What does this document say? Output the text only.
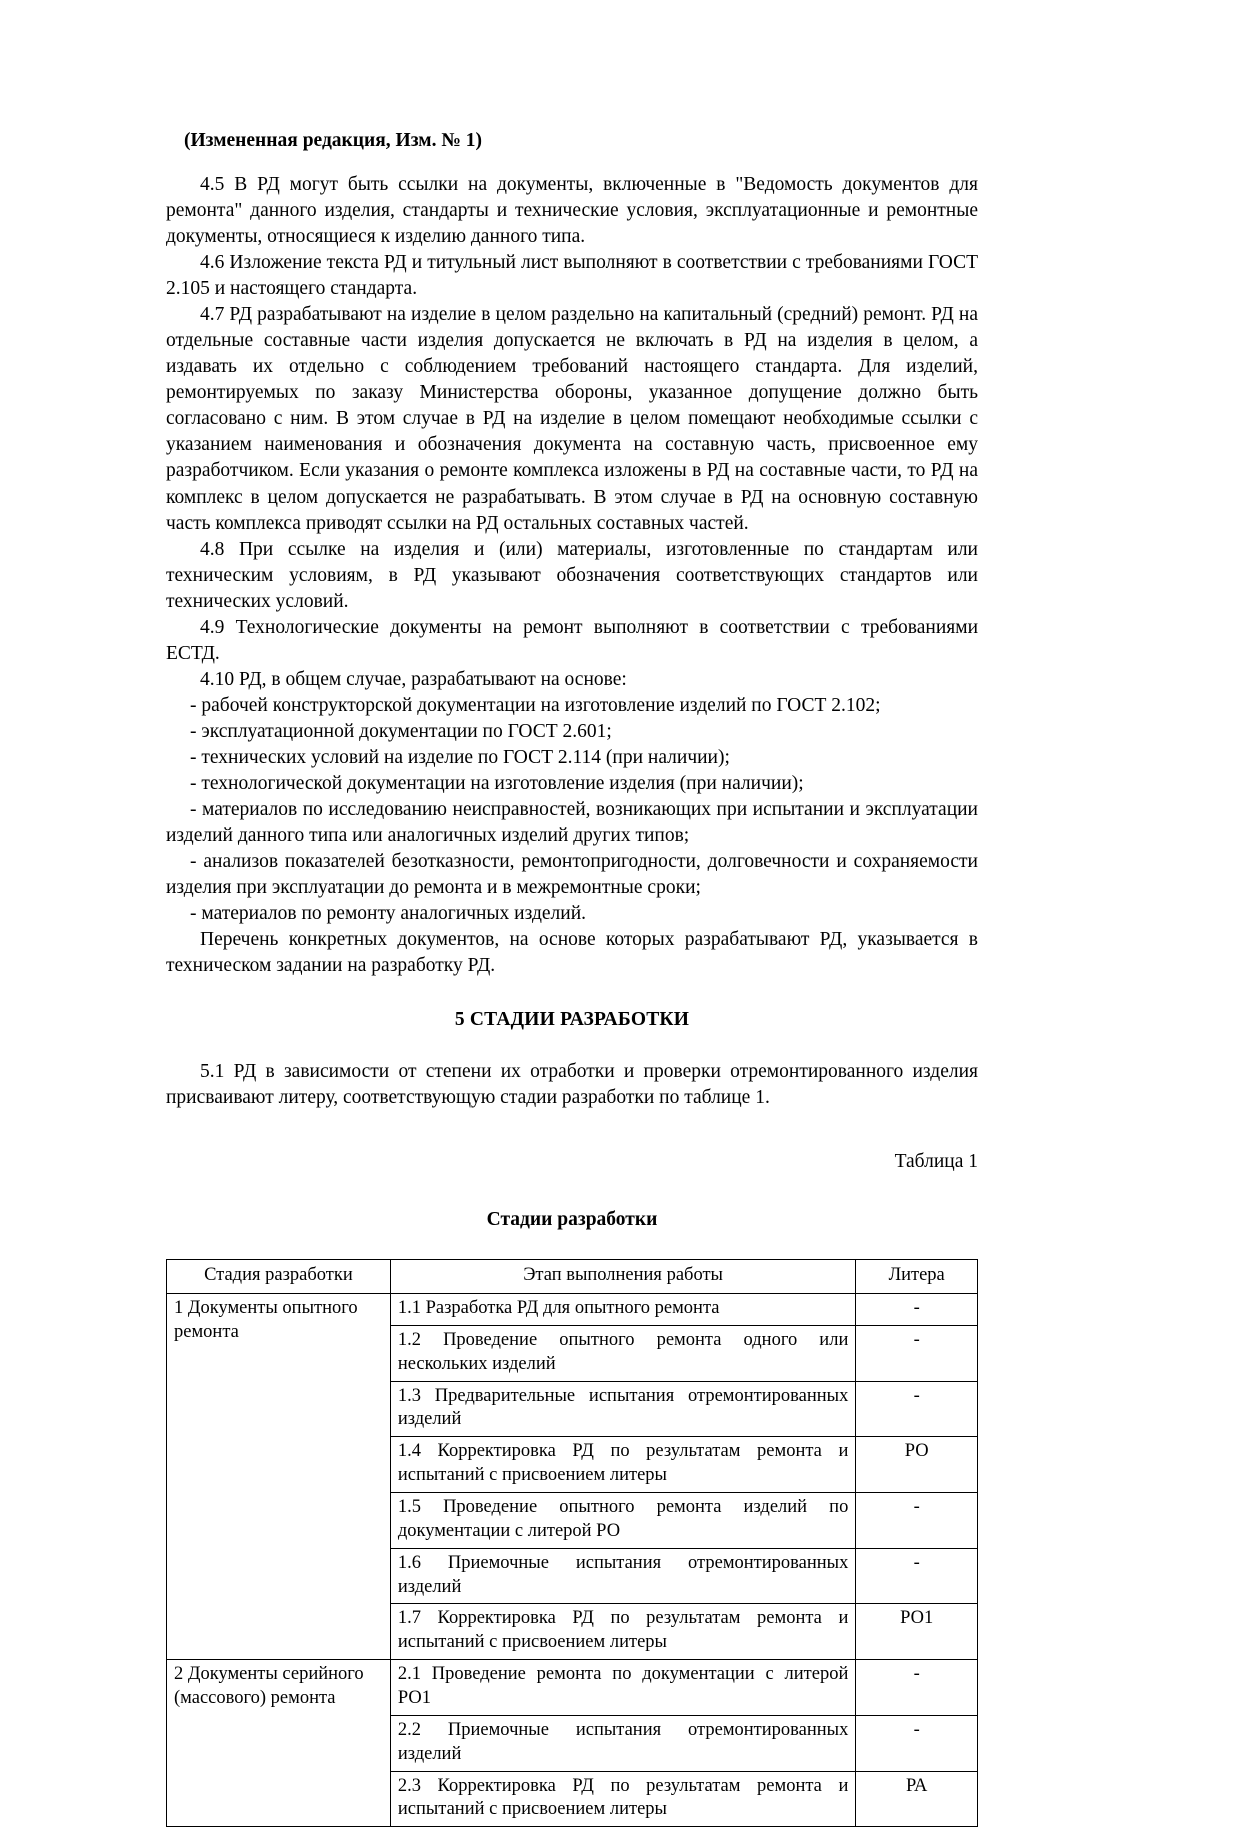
(Измененная редакция, Изм. № 1)

4.5 В РД могут быть ссылки на документы, включенные в "Ведомость документов для ремонта" данного изделия, стандарты и технические условия, эксплуатационные и ремонтные документы, относящиеся к изделию данного типа.

4.6 Изложение текста РД и титульный лист выполняют в соответствии с требованиями ГОСТ 2.105 и настоящего стандарта.

4.7 РД разрабатывают на изделие в целом раздельно на капитальный (средний) ремонт. РД на отдельные составные части изделия допускается не включать в РД на изделия в целом, а издавать их отдельно с соблюдением требований настоящего стандарта. Для изделий, ремонтируемых по заказу Министерства обороны, указанное допущение должно быть согласовано с ним. В этом случае в РД на изделие в целом помещают необходимые ссылки с указанием наименования и обозначения документа на составную часть, присвоенное ему разработчиком. Если указания о ремонте комплекса изложены в РД на составные части, то РД на комплекс в целом допускается не разрабатывать. В этом случае в РД на основную составную часть комплекса приводят ссылки на РД остальных составных частей.

4.8 При ссылке на изделия и (или) материалы, изготовленные по стандартам или техническим условиям, в РД указывают обозначения соответствующих стандартов или технических условий.

4.9 Технологические документы на ремонт выполняют в соответствии с требованиями ЕСТД.

4.10 РД, в общем случае, разрабатывают на основе:

- рабочей конструкторской документации на изготовление изделий по ГОСТ 2.102;

- эксплуатационной документации по ГОСТ 2.601;

- технических условий на изделие по ГОСТ 2.114 (при наличии);

- технологической документации на изготовление изделия (при наличии);

- материалов по исследованию неисправностей, возникающих при испытании и эксплуатации изделий данного типа или аналогичных изделий других типов;

- анализов показателей безотказности, ремонтопригодности, долговечности и сохраняемости изделия при эксплуатации до ремонта и в межремонтные сроки;

- материалов по ремонту аналогичных изделий.

Перечень конкретных документов, на основе которых разрабатывают РД, указывается в техническом задании на разработку РД.

5 СТАДИИ РАЗРАБОТКИ

5.1 РД в зависимости от степени их отработки и проверки отремонтированного изделия присваивают литеру, соответствующую стадии разработки по таблице 1.

Таблица 1

Стадии разработки

Стадия разработки	Этап выполнения работы	Литера
1 Документы опытного ремонта	1.1 Разработка РД для опытного ремонта	-
	1.2 Проведение опытного ремонта одного или нескольких изделий	-
	1.3 Предварительные испытания отремонтированных изделий	-
	1.4 Корректировка РД по результатам ремонта и испытаний с присвоением литеры	РО
	1.5 Проведение опытного ремонта изделий по документации с литерой РО	-
	1.6 Приемочные испытания отремонтированных изделий	-
	1.7 Корректировка РД по результатам ремонта и испытаний с присвоением литеры	РО1
2 Документы серийного (массового) ремонта	2.1 Проведение ремонта по документации с литерой РО1	-
	2.2 Приемочные испытания отремонтированных изделий	-
	2.3 Корректировка РД по результатам ремонта и испытаний с присвоением литеры	РА
